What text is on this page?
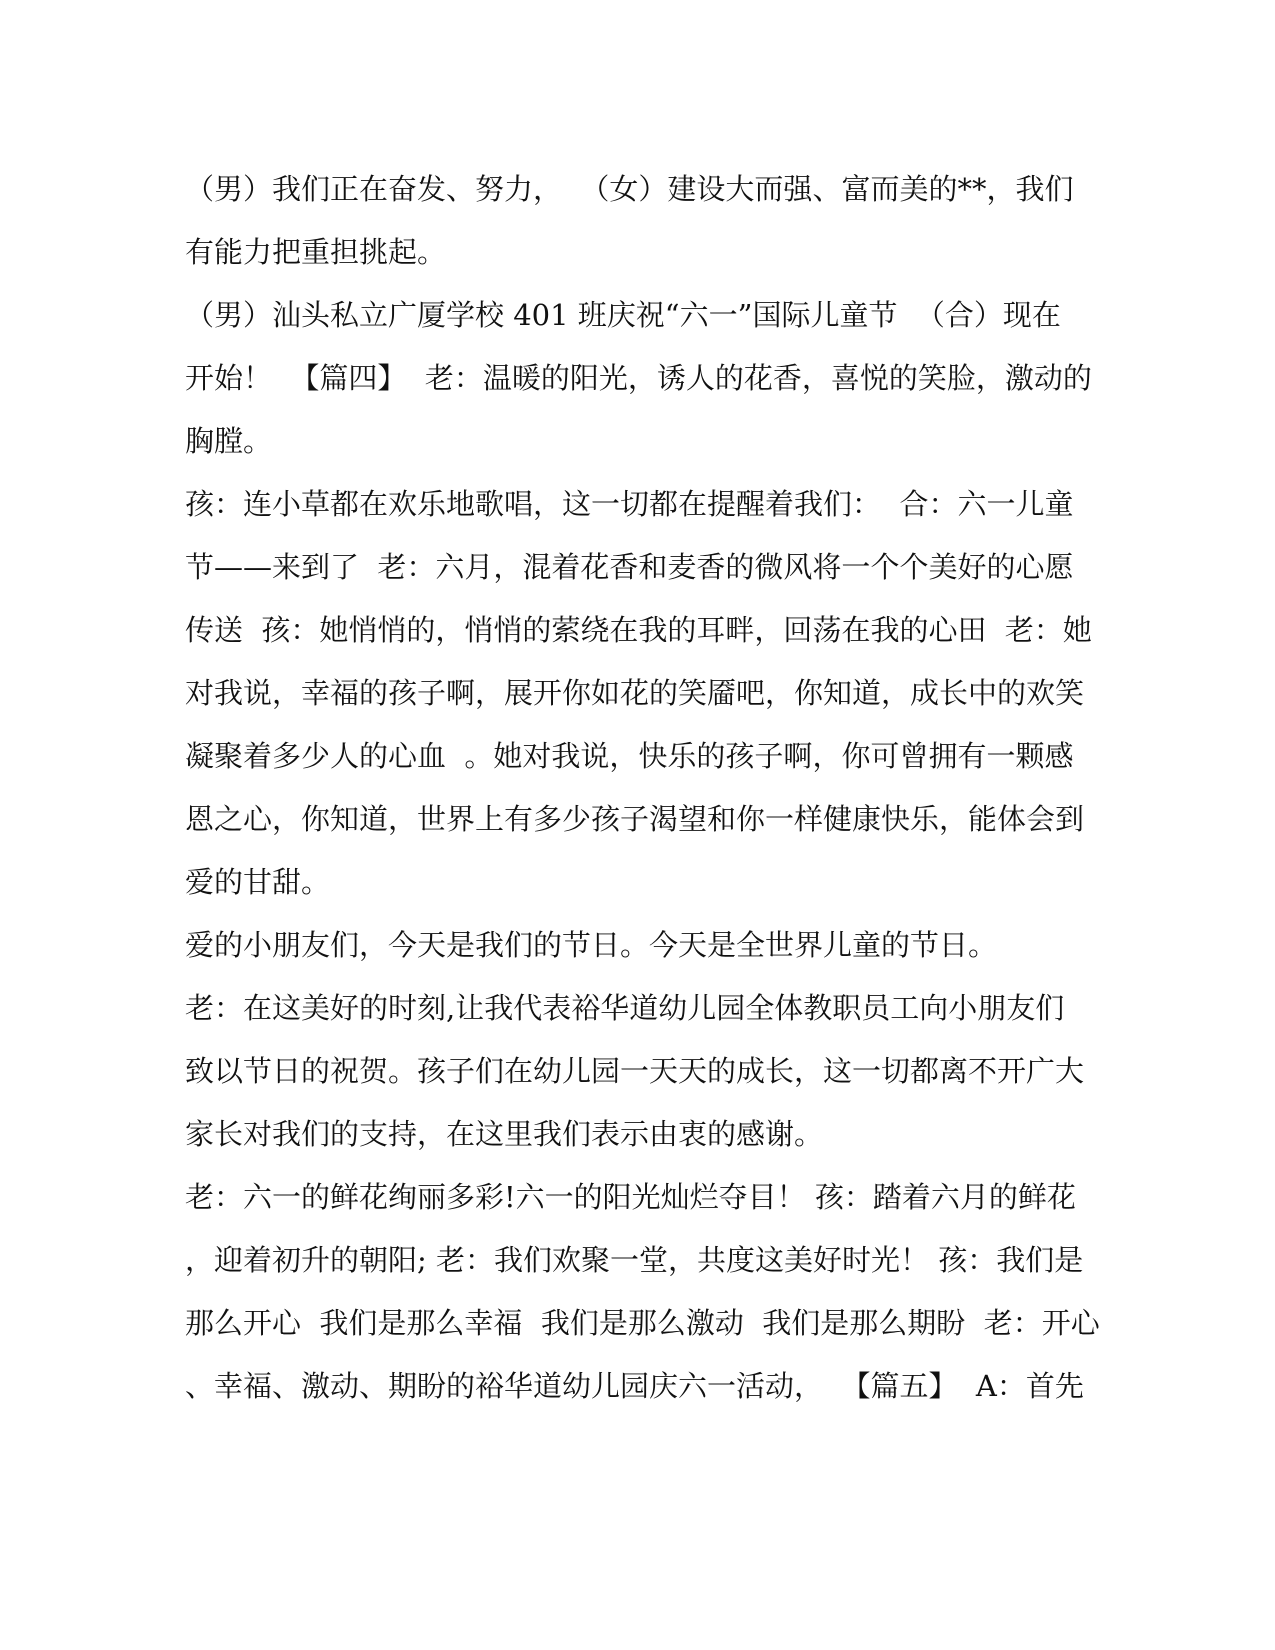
（男）我们正在奋发、努力，  （女）建设大而强、富而美的**，我们
有能力把重担挑起。
（男）汕头私立广厦学校 401 班庆祝“六一”国际儿童节  （合）现在
开始！  【篇四】  老：温暖的阳光，诱人的花香，喜悦的笑脸，激动的
胸膛。
孩：连小草都在欢乐地歌唱，这一切都在提醒着我们：  合：六一儿童
节——来到了  老：六月，混着花香和麦香的微风将一个个美好的心愿
传送  孩：她悄悄的，悄悄的萦绕在我的耳畔，回荡在我的心田  老：她
对我说，幸福的孩子啊，展开你如花的笑靥吧，你知道，成长中的欢笑
凝聚着多少人的心血  。她对我说，快乐的孩子啊，你可曾拥有一颗感
恩之心，你知道，世界上有多少孩子渴望和你一样健康快乐，能体会到
爱的甘甜。
爱的小朋友们，今天是我们的节日。今天是全世界儿童的节日。
老：在这美好的时刻,让我代表裕华道幼儿园全体教职员工向小朋友们
致以节日的祝贺。孩子们在幼儿园一天天的成长，这一切都离不开广大
家长对我们的支持，在这里我们表示由衷的感谢。
老：六一的鲜花绚丽多彩!六一的阳光灿烂夺目！ 孩：踏着六月的鲜花
，迎着初升的朝阳; 老：我们欢聚一堂，共度这美好时光！ 孩：我们是
那么开心  我们是那么幸福  我们是那么激动  我们是那么期盼  老：开心
、幸福、激动、期盼的裕华道幼儿园庆六一活动，  【篇五】  A：首先
